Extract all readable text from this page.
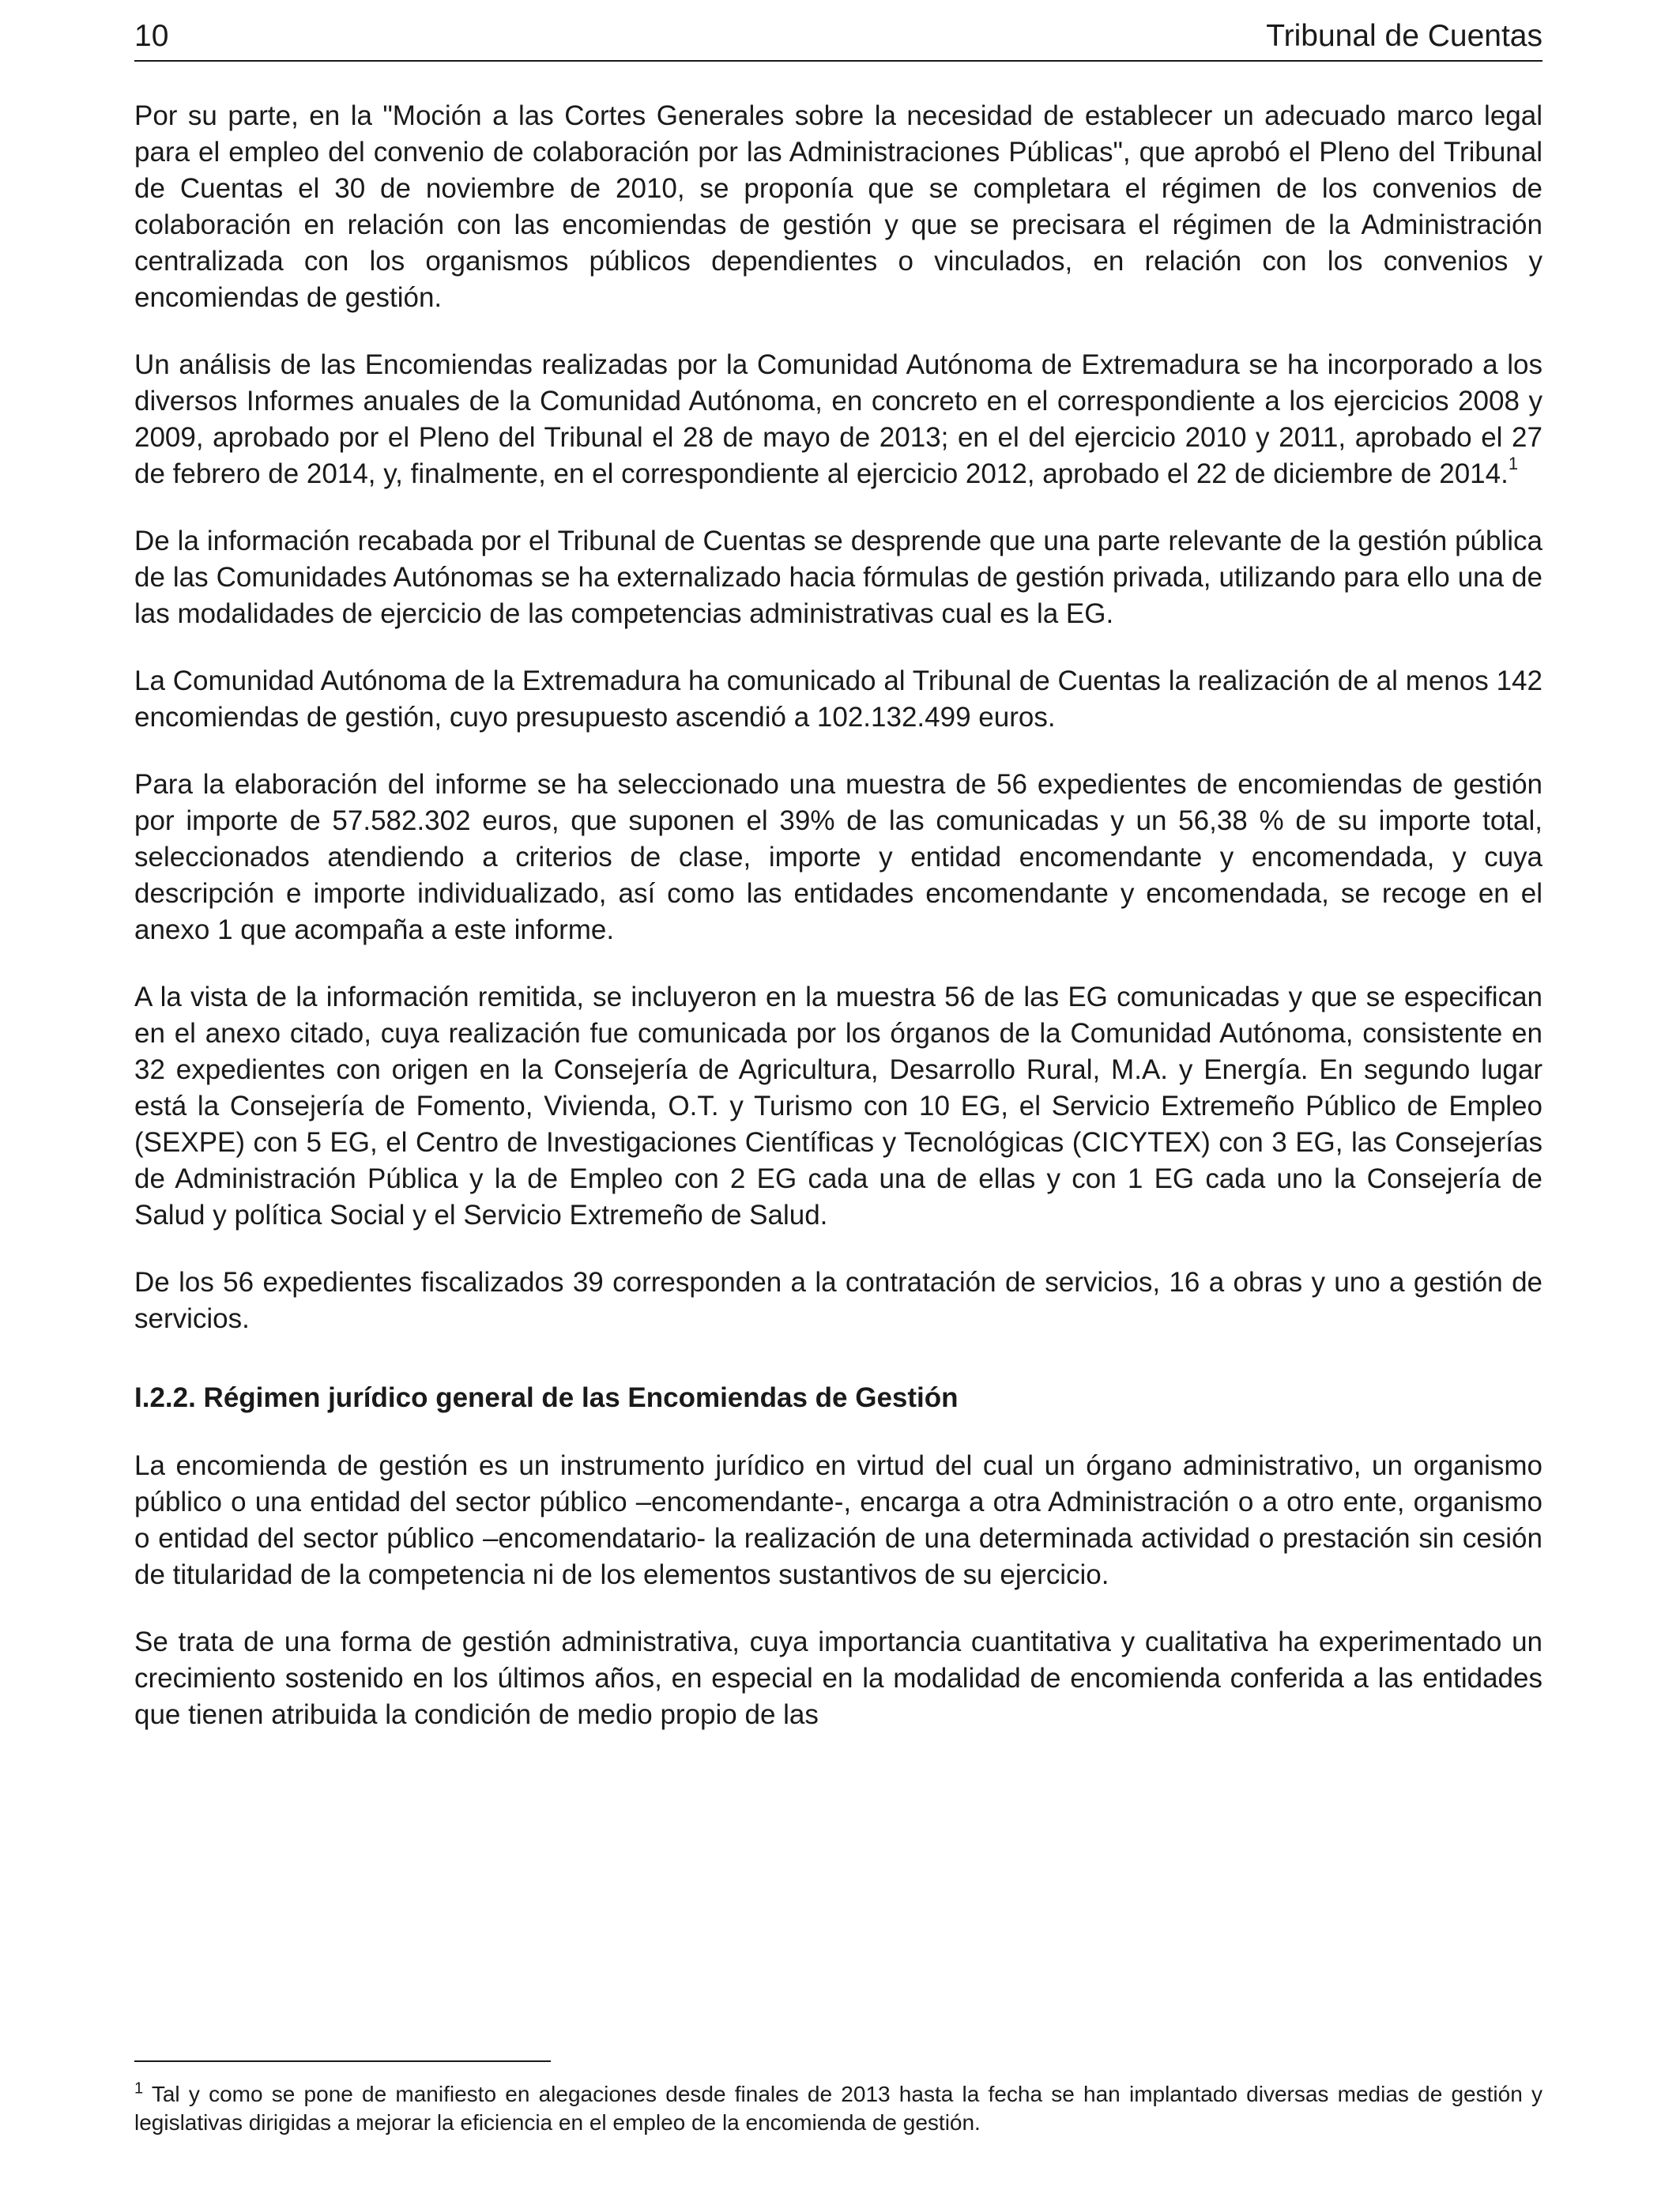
10	Tribunal de Cuentas

Por su parte, en la "Moción a las Cortes Generales sobre la necesidad de establecer un adecuado marco legal para el empleo del convenio de colaboración por las Administraciones Públicas", que aprobó el Pleno del Tribunal de Cuentas el 30 de noviembre de 2010, se proponía que se completara el régimen de los convenios de colaboración en relación con las encomiendas de gestión y que se precisara el régimen de la Administración centralizada con los organismos públicos dependientes o vinculados, en relación con los convenios y encomiendas de gestión.

Un análisis de las Encomiendas realizadas por la Comunidad Autónoma de Extremadura se ha incorporado a los diversos Informes anuales de la Comunidad Autónoma, en concreto en el correspondiente a los ejercicios 2008 y 2009, aprobado por el Pleno del Tribunal el 28 de mayo de 2013; en el del ejercicio 2010 y 2011, aprobado el 27 de febrero de 2014, y, finalmente, en el correspondiente al ejercicio 2012, aprobado el 22 de diciembre de 2014.$^1$

De la información recabada por el Tribunal de Cuentas se desprende que una parte relevante de la gestión pública de las Comunidades Autónomas se ha externalizado hacia fórmulas de gestión privada, utilizando para ello una de las modalidades de ejercicio de las competencias administrativas cual es la EG.

La Comunidad Autónoma de la Extremadura ha comunicado al Tribunal de Cuentas la realización de al menos 142 encomiendas de gestión, cuyo presupuesto ascendió a 102.132.499 euros.

Para la elaboración del informe se ha seleccionado una muestra de 56 expedientes de encomiendas de gestión por importe de 57.582.302 euros, que suponen el 39% de las comunicadas y un 56,38 % de su importe total, seleccionados atendiendo a criterios de clase, importe y entidad encomendante y encomendada, y cuya descripción e importe individualizado, así como las entidades encomendante y encomendada, se recoge en el anexo 1 que acompaña a este informe.

A la vista de la información remitida, se incluyeron en la muestra 56 de las EG comunicadas y que se especifican en el anexo citado, cuya realización fue comunicada por los órganos de la Comunidad Autónoma, consistente en 32 expedientes con origen en la Consejería de Agricultura, Desarrollo Rural, M.A. y Energía. En segundo lugar está la Consejería de Fomento, Vivienda, O.T. y Turismo con 10 EG, el Servicio Extremeño Público de Empleo (SEXPE) con 5 EG, el Centro de Investigaciones Científicas y Tecnológicas (CICYTEX) con 3 EG, las Consejerías de Administración Pública y la de Empleo con 2 EG cada una de ellas y con 1 EG cada uno la Consejería de Salud y política Social y el Servicio Extremeño de Salud.

De los 56 expedientes fiscalizados 39 corresponden a la contratación de servicios, 16 a obras y uno a gestión de servicios.

I.2.2. Régimen jurídico general de las Encomiendas de Gestión

La encomienda de gestión es un instrumento jurídico en virtud del cual un órgano administrativo, un organismo público o una entidad del sector público –encomendante-, encarga a otra Administración o a otro ente, organismo o entidad del sector público –encomendatario- la realización de una determinada actividad o prestación sin cesión de titularidad de la competencia ni de los elementos sustantivos de su ejercicio.

Se trata de una forma de gestión administrativa, cuya importancia cuantitativa y cualitativa ha experimentado un crecimiento sostenido en los últimos años, en especial en la modalidad de encomienda conferida a las entidades que tienen atribuida la condición de medio propio de las

$^1$ Tal y como se pone de manifiesto en alegaciones desde finales de 2013 hasta la fecha se han implantado diversas medias de gestión y legislativas dirigidas a mejorar la eficiencia en el empleo de la encomienda de gestión.
